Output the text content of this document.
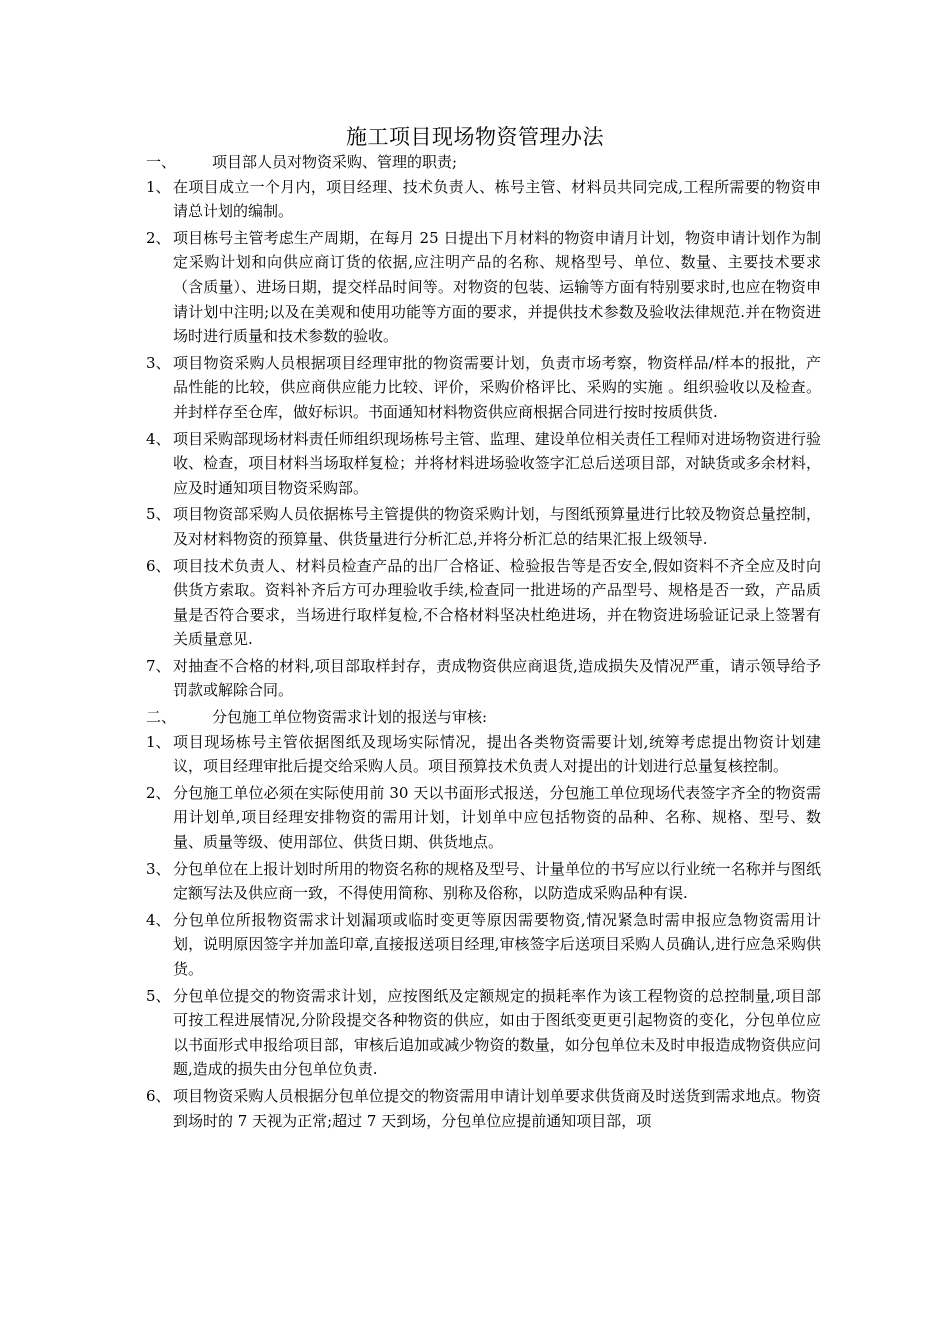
施工项目现场物资管理办法
一、	项目部人员对物资采购、管理的职责;
1、 在项目成立一个月内，项目经理、技术负责人、栋号主管、材料员共同完成,工程所需要的物资申请总计划的编制。
2、 项目栋号主管考虑生产周期，在每月 25 日提出下月材料的物资申请月计划，物资申请计划作为制定采购计划和向供应商订货的依据,应注明产品的名称、规格型号、单位、数量、主要技术要求（含质量）、进场日期，提交样品时间等。对物资的包装、运输等方面有特别要求时,也应在物资申请计划中注明;以及在美观和使用功能等方面的要求，并提供技术参数及验收法律规范.并在物资进场时进行质量和技术参数的验收。
3、 项目物资采购人员根据项目经理审批的物资需要计划，负责市场考察，物资样品/样本的报批，产品性能的比较，供应商供应能力比较、评价，采购价格评比、采购的实施 。组织验收以及检查。并封样存至仓库，做好标识。书面通知材料物资供应商根据合同进行按时按质供货.
4、 项目采购部现场材料责任师组织现场栋号主管、监理、建设单位相关责任工程师对进场物资进行验收、检查，项目材料当场取样复检；并将材料进场验收签字汇总后送项目部，对缺货或多余材料，应及时通知项目物资采购部。
5、 项目物资部采购人员依据栋号主管提供的物资采购计划，与图纸预算量进行比较及物资总量控制，及对材料物资的预算量、供货量进行分析汇总,并将分析汇总的结果汇报上级领导.
6、 项目技术负责人、材料员检查产品的出厂合格证、检验报告等是否安全,假如资料不齐全应及时向供货方索取。资料补齐后方可办理验收手续,检查同一批进场的产品型号、规格是否一致，产品质量是否符合要求，当场进行取样复检,不合格材料坚决杜绝进场，并在物资进场验证记录上签署有关质量意见.
7、 对抽查不合格的材料,项目部取样封存，责成物资供应商退货,造成损失及情况严重，请示领导给予罚款或解除合同。
二、	分包施工单位物资需求计划的报送与审核:
1、 项目现场栋号主管依据图纸及现场实际情况，提出各类物资需要计划,统筹考虑提出物资计划建议，项目经理审批后提交给采购人员。项目预算技术负责人对提出的计划进行总量复核控制。
2、 分包施工单位必须在实际使用前 30 天以书面形式报送，分包施工单位现场代表签字齐全的物资需用计划单,项目经理安排物资的需用计划，计划单中应包括物资的品种、名称、规格、型号、数量、质量等级、使用部位、供货日期、供货地点。
3、 分包单位在上报计划时所用的物资名称的规格及型号、计量单位的书写应以行业统一名称并与图纸定额写法及供应商一致，不得使用简称、别称及俗称，以防造成采购品种有误.
4、 分包单位所报物资需求计划漏项或临时变更等原因需要物资,情况紧急时需申报应急物资需用计划，说明原因签字并加盖印章,直接报送项目经理,审核签字后送项目采购人员确认,进行应急采购供货。
5、 分包单位提交的物资需求计划，应按图纸及定额规定的损耗率作为该工程物资的总控制量,项目部可按工程进展情况,分阶段提交各种物资的供应，如由于图纸变更更引起物资的变化，分包单位应以书面形式申报给项目部，审核后追加或减少物资的数量，如分包单位未及时申报造成物资供应问题,造成的损失由分包单位负责.
6、 项目物资采购人员根据分包单位提交的物资需用申请计划单要求供货商及时送货到需求地点。物资到场时的 7 天视为正常;超过 7 天到场，分包单位应提前通知项目部，项
